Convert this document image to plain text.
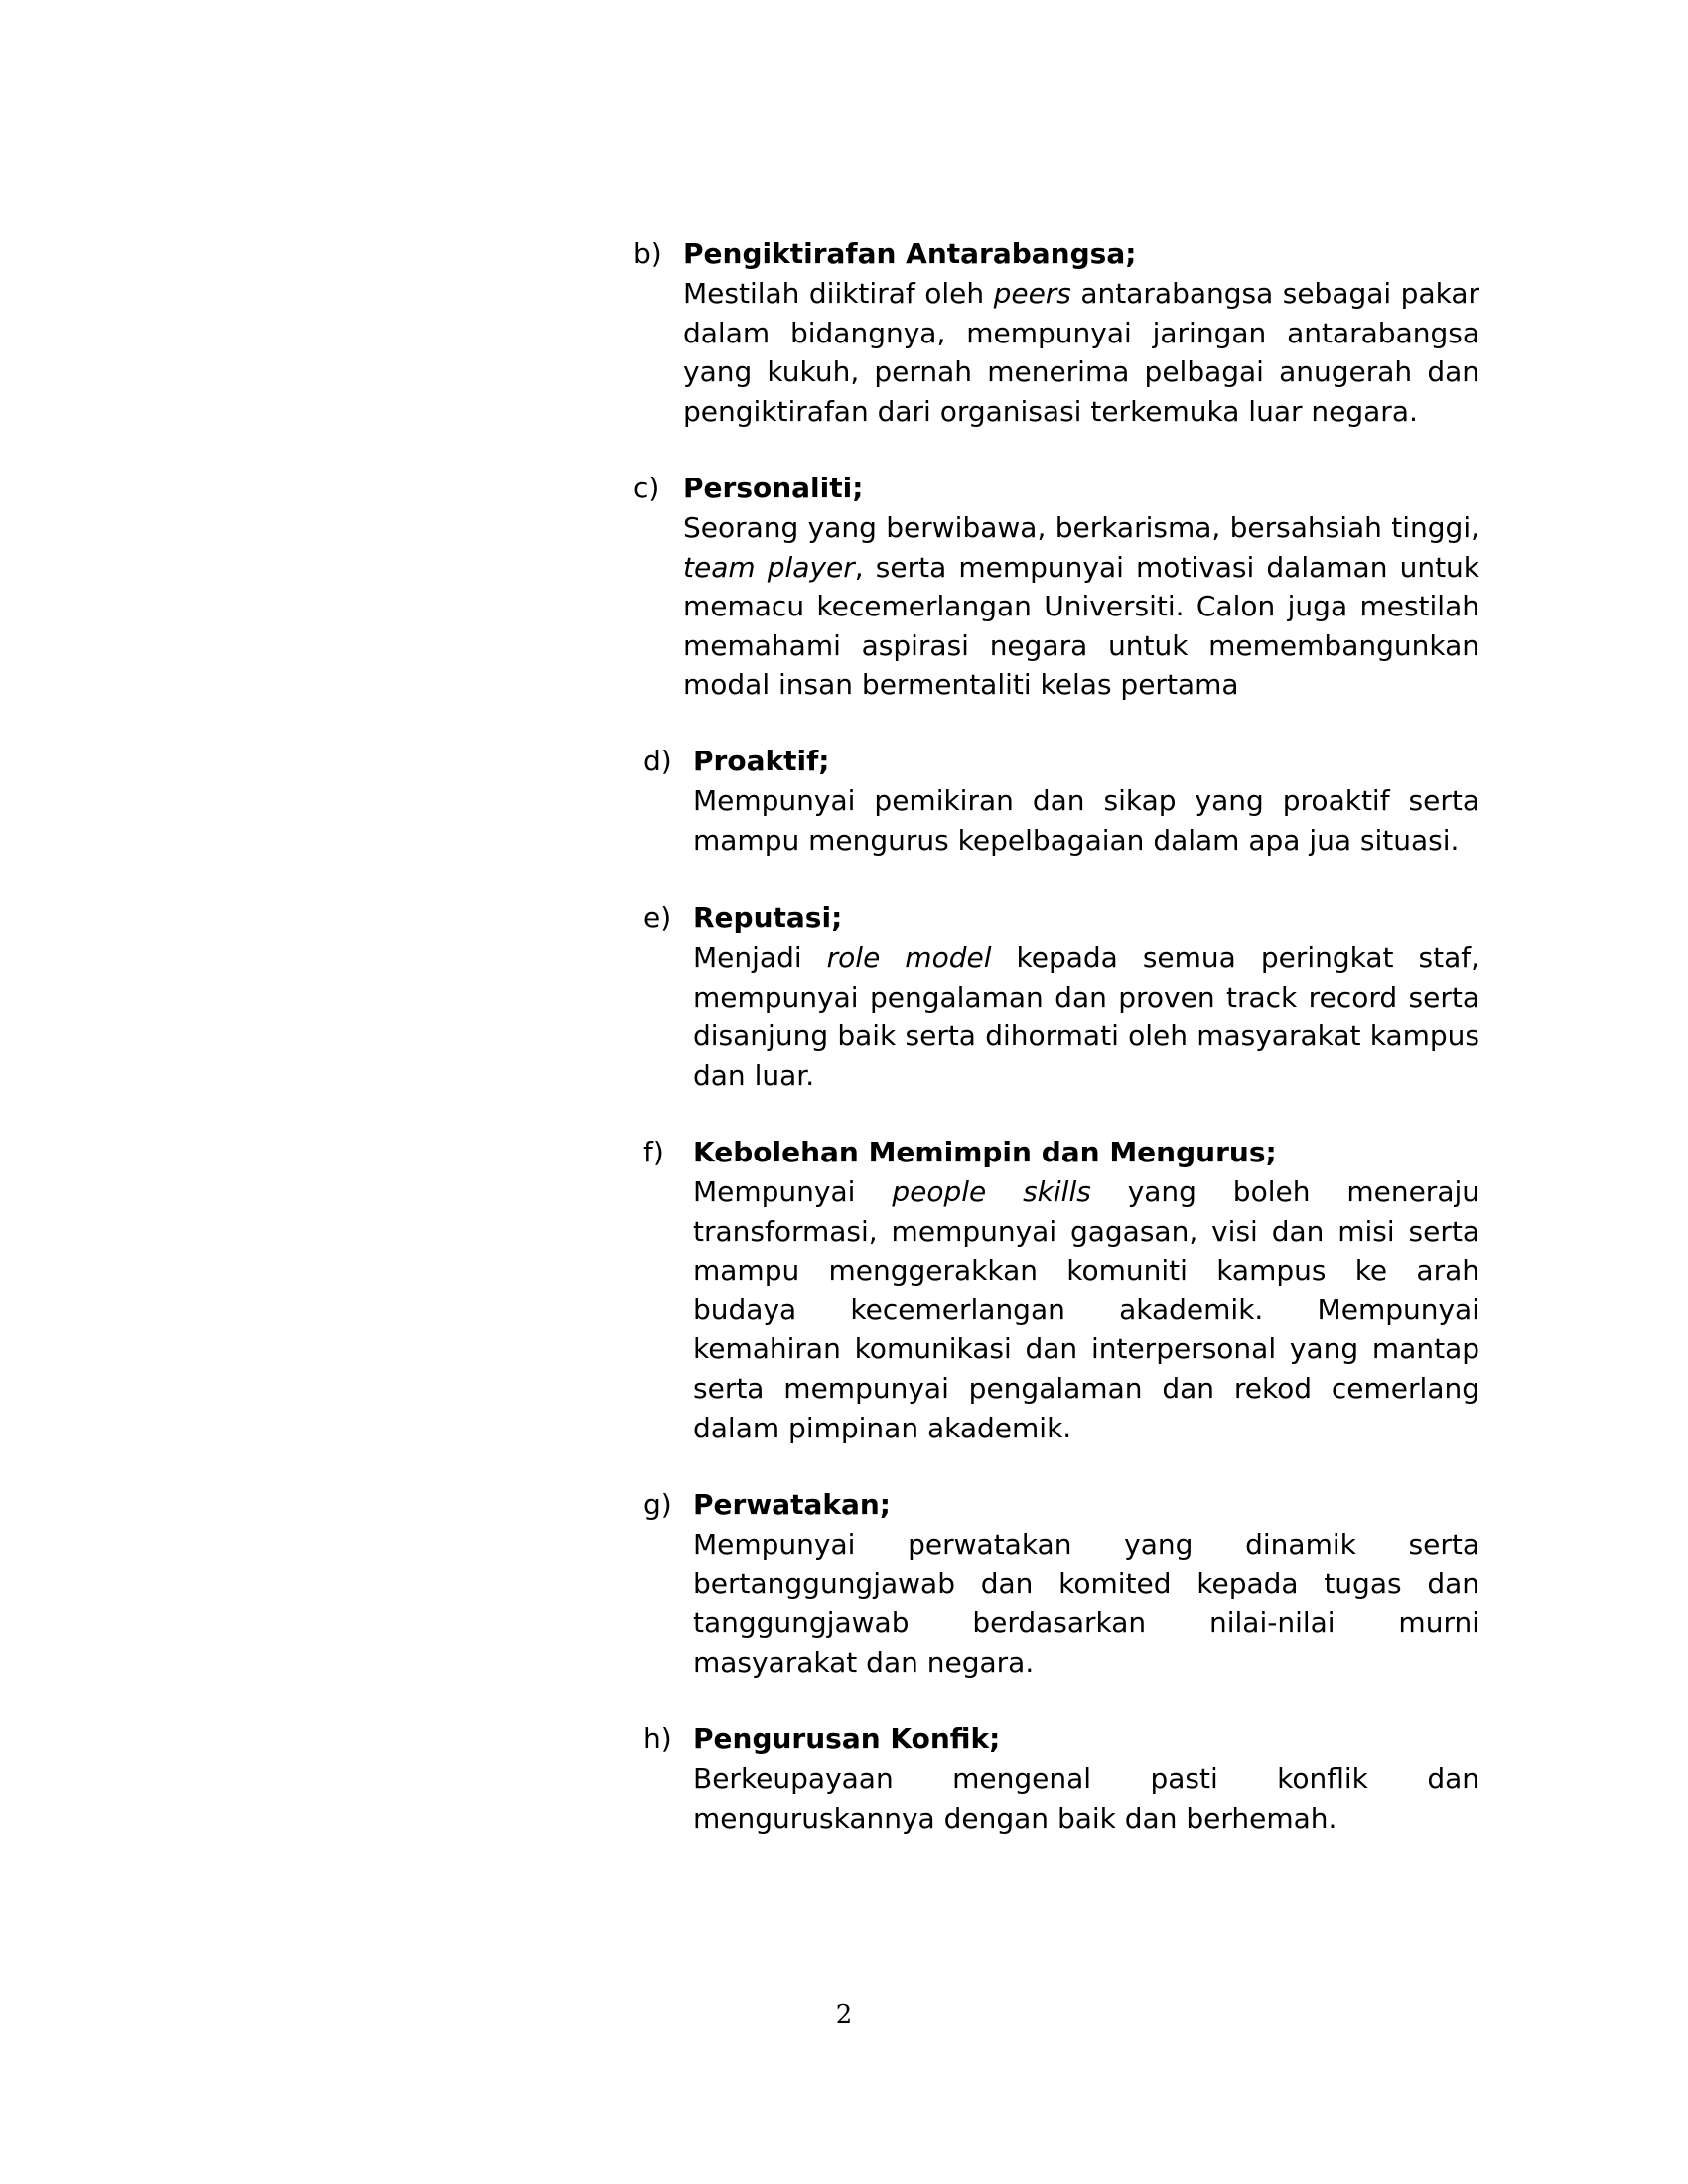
b) Pengiktirafan Antarabangsa;

Mestilah diiktiraf oleh peers antarabangsa sebagai pakar dalam bidangnya, mempunyai jaringan antarabangsa yang kukuh, pernah menerima pelbagai anugerah dan pengiktirafan dari organisasi terkemuka luar negara.

c) Personaliti;

Seorang yang berwibawa, berkarisma, bersahsiah tinggi, team player, serta mempunyai motivasi dalaman untuk memacu kecemerlangan Universiti. Calon juga mestilah memahami aspirasi negara untuk memembangunkan modal insan bermentaliti kelas pertama

d) Proaktif;

Mempunyai pemikiran dan sikap yang proaktif serta mampu mengurus kepelbagaian dalam apa jua situasi.

e) Reputasi;

Menjadi role model kepada semua peringkat staf, mempunyai pengalaman dan proven track record serta disanjung baik serta dihormati oleh masyarakat kampus dan luar.

f) Kebolehan Memimpin dan Mengurus;

Mempunyai people skills yang boleh meneraju transformasi, mempunyai gagasan, visi dan misi serta mampu menggerakkan komuniti kampus ke arah budaya kecemerlangan akademik. Mempunyai kemahiran komunikasi dan interpersonal yang mantap serta mempunyai pengalaman dan rekod cemerlang dalam pimpinan akademik.

g) Perwatakan;

Mempunyai perwatakan yang dinamik serta bertanggungjawab dan komited kepada tugas dan tanggungjawab berdasarkan nilai-nilai murni masyarakat dan negara.

h) Pengurusan Konfik;

Berkeupayaan mengenal pasti konflik dan menguruskannya dengan baik dan berhemah.

2
